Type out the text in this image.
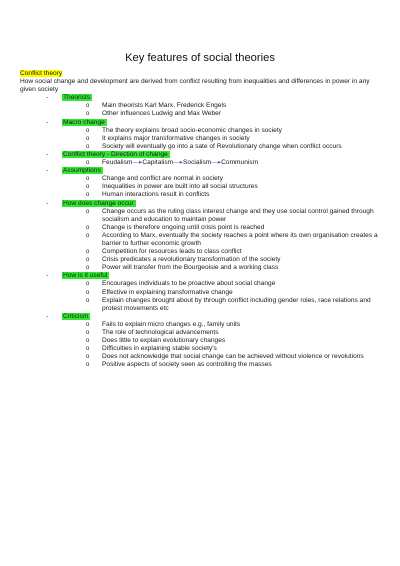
Key features of social theories
Conflict theory
How social change and development are derived from conflict resulting from inequalities and differences in power in any given society
- Theorists
o Main theorists Karl Marx, Frederick Engels
o Other influences Ludwig and Max Weber
- Macro change
o The theory explains broad socio-economic changes in society
o It explains major transformative changes in society
o Society will eventually go into a sate of Revolutionary change when conflict occurs
- Conflict theory - Direction of change
o Feudalism—▸Capitalism—▸Socialism—▸Communism
- Assumptions
o Change and conflict are normal in society
o Inequalities in power are built into all social structures
o Human interactions result in conflicts
- How does change occur
o Change occurs as the ruling class interest change and they use social control gained through socialism and education to maintain power
o Change is therefore ongoing until crisis point is reached
o According to Marx, eventually the society reaches a point where its own organisation creates a barrier to further economic growth
o Competition for resources leads to class conflict
o Crisis predicates a revolutionary transformation of the society
o Power will transfer from the Bourgeoisie and a working class
- How is it useful
o Encourages individuals to be proactive about social change
o Effective in explaining transformative change
o Explain changes brought about by through conflict including gender roles, race relations and protest movements etc
- Criticism
o Fails to explain micro changes e.g., family units
o The role of technological advancements
o Does little to explain evolutionary changes
o Difficulties in explaining stable society's
o Does not acknowledge that social change can be achieved without violence or revolutions
o Positive aspects of society seen as controlling the masses
